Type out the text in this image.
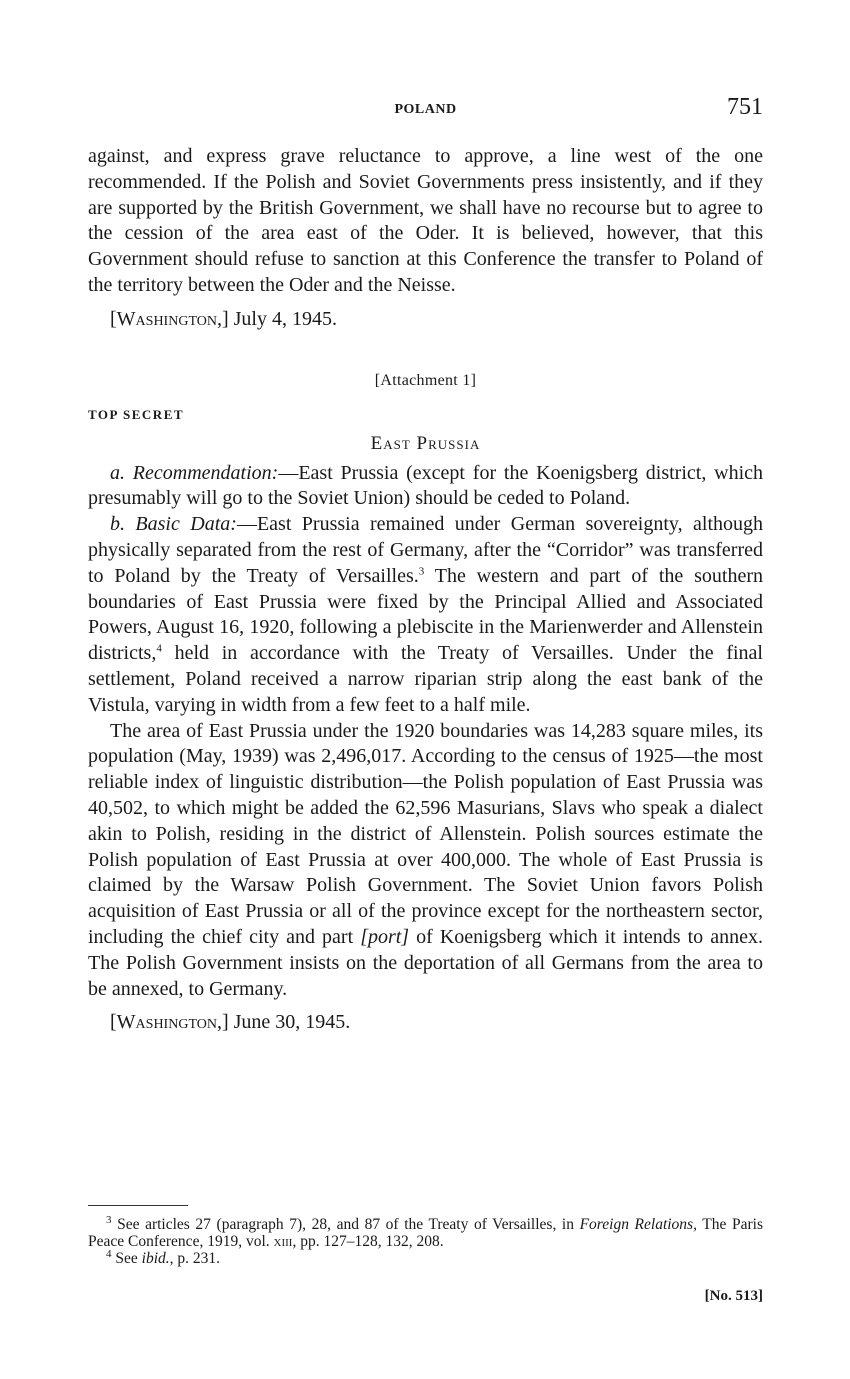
POLAND	751

against, and express grave reluctance to approve, a line west of the one recommended. If the Polish and Soviet Governments press insistently, and if they are supported by the British Government, we shall have no recourse but to agree to the cession of the area east of the Oder. It is believed, however, that this Government should refuse to sanction at this Conference the transfer to Poland of the territory between the Oder and the Neisse.

[Washington,] July 4, 1945.

[Attachment 1]
TOP SECRET
East Prussia

a. Recommendation:—East Prussia (except for the Koenigsberg district, which presumably will go to the Soviet Union) should be ceded to Poland.

b. Basic Data:—East Prussia remained under German sovereignty, although physically separated from the rest of Germany, after the “Corridor” was transferred to Poland by the Treaty of Versailles.$^3$ The western and part of the southern boundaries of East Prussia were fixed by the Principal Allied and Associated Powers, August 16, 1920, following a plebiscite in the Marienwerder and Allenstein districts,$^4$ held in accordance with the Treaty of Versailles. Under the final settlement, Poland received a narrow riparian strip along the east bank of the Vistula, varying in width from a few feet to a half mile.

The area of East Prussia under the 1920 boundaries was 14,283 square miles, its population (May, 1939) was 2,496,017. According to the census of 1925—the most reliable index of linguistic distribution—the Polish population of East Prussia was 40,502, to which might be added the 62,596 Masurians, Slavs who speak a dialect akin to Polish, residing in the district of Allenstein. Polish sources estimate the Polish population of East Prussia at over 400,000. The whole of East Prussia is claimed by the Warsaw Polish Government. The Soviet Union favors Polish acquisition of East Prussia or all of the province except for the northeastern sector, including the chief city and part [port] of Koenigsberg which it intends to annex. The Polish Government insists on the deportation of all Germans from the area to be annexed, to Germany.

[Washington,] June 30, 1945.

$^3$ See articles 27 (paragraph 7), 28, and 87 of the Treaty of Versailles, in Foreign Relations, The Paris Peace Conference, 1919, vol. xiii, pp. 127–128, 132, 208.

$^4$ See ibid., p. 231.

[No. 513]
